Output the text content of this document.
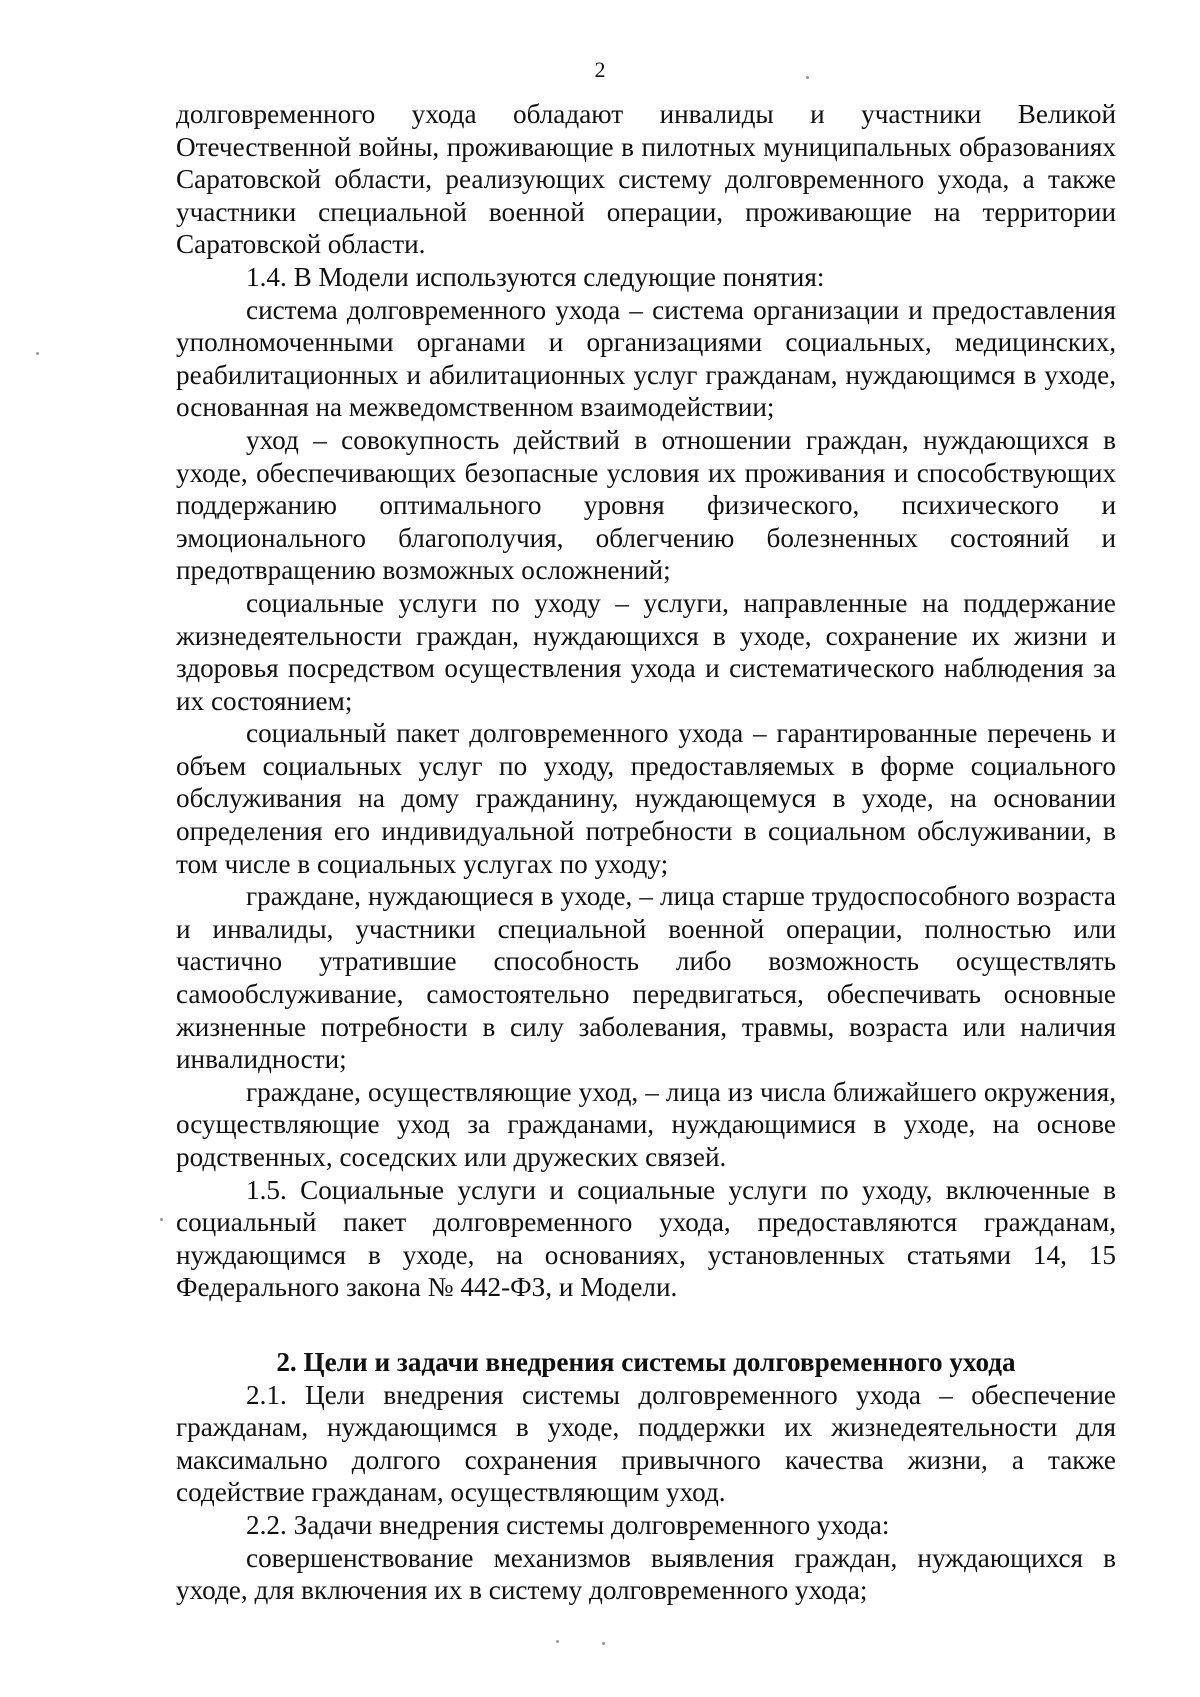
2

долговременного ухода обладают инвалиды и участники Великой Отечественной войны, проживающие в пилотных муниципальных образованиях Саратовской области, реализующих систему долговременного ухода, а также участники специальной военной операции, проживающие на территории Саратовской области.

1.4. В Модели используются следующие понятия:

система долговременного ухода – система организации и предоставления уполномоченными органами и организациями социальных, медицинских, реабилитационных и абилитационных услуг гражданам, нуждающимся в уходе, основанная на межведомственном взаимодействии;

уход – совокупность действий в отношении граждан, нуждающихся в уходе, обеспечивающих безопасные условия их проживания и способствующих поддержанию оптимального уровня физического, психического и эмоционального благополучия, облегчению болезненных состояний и предотвращению возможных осложнений;

социальные услуги по уходу – услуги, направленные на поддержание жизнедеятельности граждан, нуждающихся в уходе, сохранение их жизни и здоровья посредством осуществления ухода и систематического наблюдения за их состоянием;

социальный пакет долговременного ухода – гарантированные перечень и объем социальных услуг по уходу, предоставляемых в форме социального обслуживания на дому гражданину, нуждающемуся в уходе, на основании определения его индивидуальной потребности в социальном обслуживании, в том числе в социальных услугах по уходу;

граждане, нуждающиеся в уходе, – лица старше трудоспособного возраста и инвалиды, участники специальной военной операции, полностью или частично утратившие способность либо возможность осуществлять самообслуживание, самостоятельно передвигаться, обеспечивать основные жизненные потребности в силу заболевания, травмы, возраста или наличия инвалидности;

граждане, осуществляющие уход, – лица из числа ближайшего окружения, осуществляющие уход за гражданами, нуждающимися в уходе, на основе родственных, соседских или дружеских связей.

1.5. Социальные услуги и социальные услуги по уходу, включенные в социальный пакет долговременного ухода, предоставляются гражданам, нуждающимся в уходе, на основаниях, установленных статьями 14, 15 Федерального закона № 442-ФЗ, и Модели.

2. Цели и задачи внедрения системы долговременного ухода

2.1. Цели внедрения системы долговременного ухода – обеспечение гражданам, нуждающимся в уходе, поддержки их жизнедеятельности для максимально долгого сохранения привычного качества жизни, а также содействие гражданам, осуществляющим уход.

2.2. Задачи внедрения системы долговременного ухода:

совершенствование механизмов выявления граждан, нуждающихся в уходе, для включения их в систему долговременного ухода;
